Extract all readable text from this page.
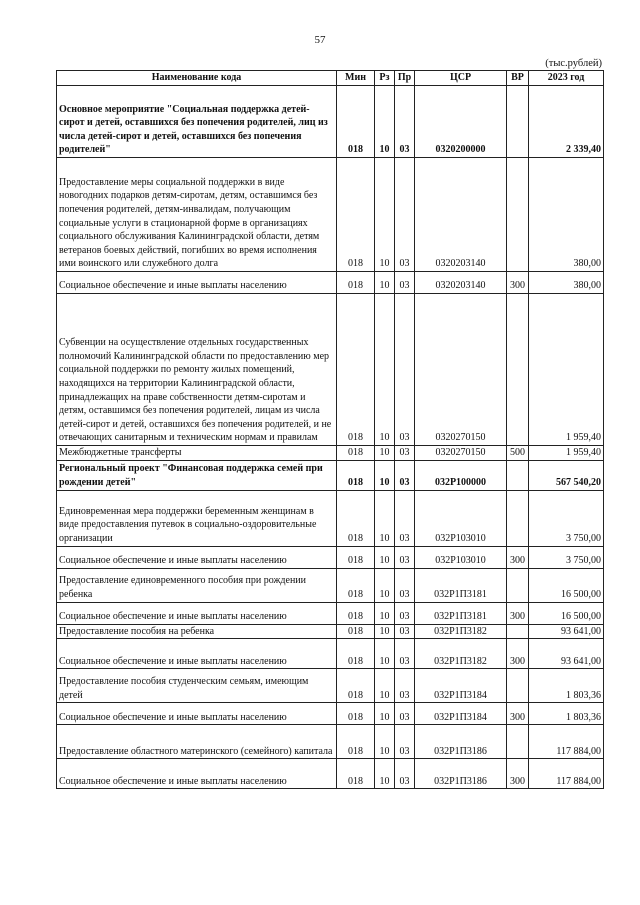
57
(тыс.рублей)
Наименование кода	Мин	Рз	Пр	ЦСР	ВР	2023 год
Основное мероприятие "Социальная поддержка детей-сирот и детей, оставшихся без попечения родителей, лиц из числа детей-сирот и детей, оставшихся без попечения родителей"	018	10	03	0320200000		2 339,40
Предоставление меры социальной поддержки в виде новогодних подарков детям-сиротам, детям, оставшимся без попечения родителей, детям-инвалидам, получающим социальные услуги в стационарной форме в организациях социального обслуживания Калининградской области, детям ветеранов боевых действий, погибших во время исполнения ими воинского или служебного долга	018	10	03	0320203140		380,00
Социальное обеспечение и иные выплаты населению	018	10	03	0320203140	300	380,00
Субвенции на осуществление отдельных государственных полномочий Калининградской области по предоставлению мер социальной поддержки по ремонту жилых помещений, находящихся на территории Калининградской области, принадлежащих на праве собственности детям-сиротам и детям, оставшимся без попечения родителей, лицам из числа детей-сирот и детей, оставшихся без попечения родителей, и не отвечающих санитарным и техническим нормам и правилам	018	10	03	0320270150		1 959,40
Межбюджетные трансферты	018	10	03	0320270150	500	1 959,40
Региональный проект "Финансовая поддержка семей при рождении детей"	018	10	03	032P100000		567 540,20
Единовременная мера поддержки беременным женщинам в виде предоставления путевок в социально-оздоровительные организации	018	10	03	032P103010		3 750,00
Социальное обеспечение и иные выплаты населению	018	10	03	032P103010	300	3 750,00
Предоставление единовременного пособия при рождении ребенка	018	10	03	032P1П3181		16 500,00
Социальное обеспечение и иные выплаты населению	018	10	03	032P1П3181	300	16 500,00
Предоставление пособия на ребенка	018	10	03	032P1П3182		93 641,00
Социальное обеспечение и иные выплаты населению	018	10	03	032P1П3182	300	93 641,00
Предоставление пособия студенческим семьям, имеющим детей	018	10	03	032P1П3184		1 803,36
Социальное обеспечение и иные выплаты населению	018	10	03	032P1П3184	300	1 803,36
Предоставление областного материнского (семейного) капитала	018	10	03	032P1П3186		117 884,00
Социальное обеспечение и иные выплаты населению	018	10	03	032P1П3186	300	117 884,00
